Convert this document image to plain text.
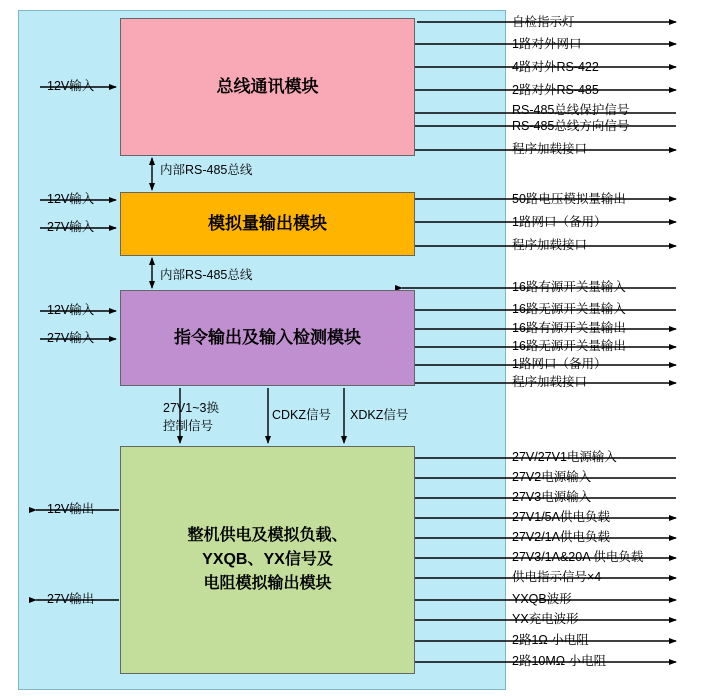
总线通讯模块
模拟量输出模块
指令输出及输入检测模块
整机供电及模拟负载、
YXQB、YX信号及
电阻模拟输出模块
12V输入
12V输入
27V输入
12V输入
27V输入
12V输出
27V输出
内部RS-485总线
内部RS-485总线
27V1~3换
控制信号
CDKZ信号 XDKZ信号
自检指示灯
1路对外网口
4路对外RS-422
2路对外RS-485
RS-485总线保护信号
RS-485总线方向信号
程序加载接口
50路电压模拟量输出
1路网口（备用）
程序加载接口
16路有源开关量输入
16路无源开关量输入
16路有源开关量输出
16路无源开关量输出
1路网口（备用）
程序加载接口
27V/27V1电源输入
27V2电源输入
27V3电源输入
27V1/5A供电负载
27V2/1A供电负载
27V3/1A&20A 供电负载
供电指示信号×4
YXQB波形
YX充电波形
2路1Ω 小电阻
2路10MΩ 小电阻
